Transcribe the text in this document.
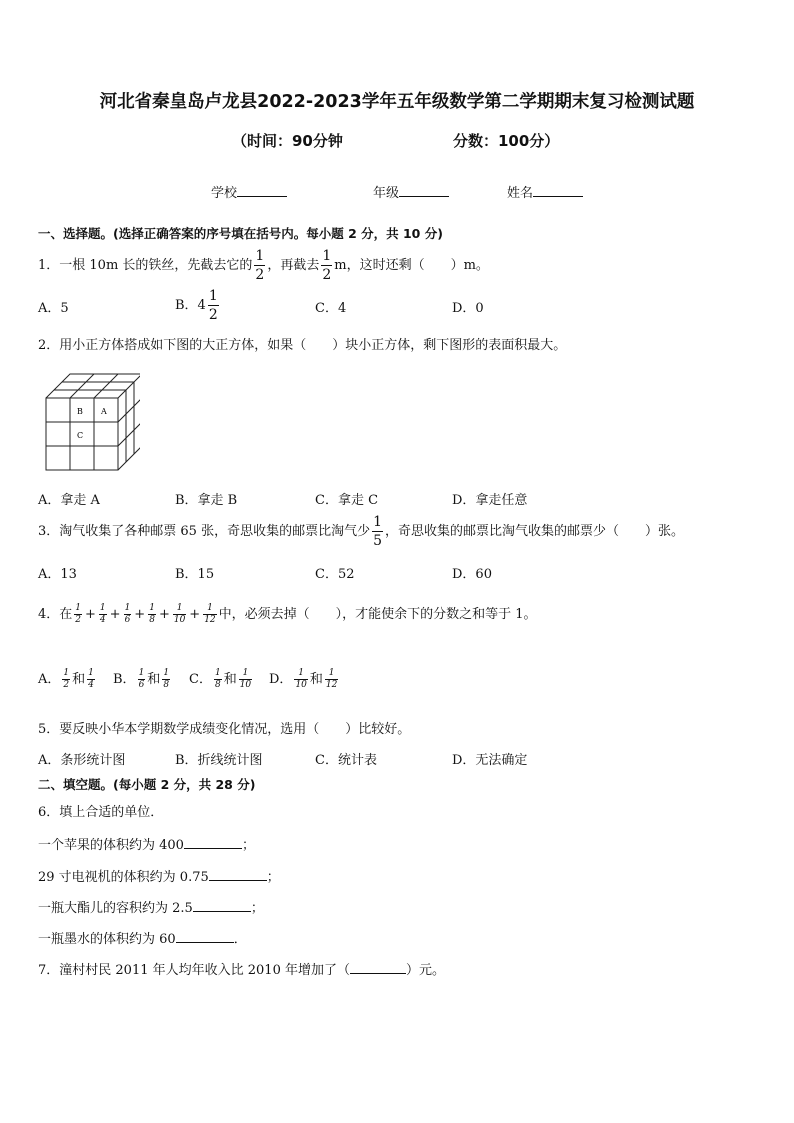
河北省秦皇岛卢龙县2022-2023学年五年级数学第二学期期末复习检测试题
（时间：90分钟	分数：100分）
学校	年级	姓名
一、选择题。(选择正确答案的序号填在括号内。每小题 2 分，共 10 分)
1．一根 10m 长的铁丝，先截去它的 $\frac{1}{2}$ ，再截去 $\frac{1}{2}$ m，这时还剩（　　）m。
A．5	B．$4 \frac{1}{2}$	C．4	D．0
2．用小正方体搭成如下图的大正方体，如果（　　）块小正方体，剩下图形的表面积最大。
B A
C
A．拿走 A	B．拿走 B	C．拿走 C	D．拿走任意
3．淘气收集了各种邮票 65 张，奇思收集的邮票比淘气少 $\frac{1}{5}$ ，奇思收集的邮票比淘气收集的邮票少（　　）张。
A．13	B．15	C．52	D．60
4．在 $\frac{1}{2} + \frac{1}{4} + \frac{1}{6} + \frac{1}{8} + \frac{1}{10} + \frac{1}{12}$ 中，必须去掉（　　），才能使余下的分数之和等于 1。
A． $\frac{1}{2}$ 和 $\frac{1}{4}$ B． $\frac{1}{6}$ 和 $\frac{1}{8}$ C． $\frac{1}{8}$ 和 $\frac{1}{10}$ D． $\frac{1}{10}$ 和 $\frac{1}{12}$
5．要反映小华本学期数学成绩变化情况，选用（　　）比较好。
A．条形统计图	B．折线统计图	C．统计表	D．无法确定
二、填空题。(每小题 2 分，共 28 分)
6．填上合适的单位．
一个苹果的体积约为 400	；
29 寸电视机的体积约为 0.75	；
一瓶大酯儿的容积约为 2.5	；
一瓶墨水的体积约为 60	．
7．潼村村民 2011 年人均年收入比 2010 年增加了（	）元。
